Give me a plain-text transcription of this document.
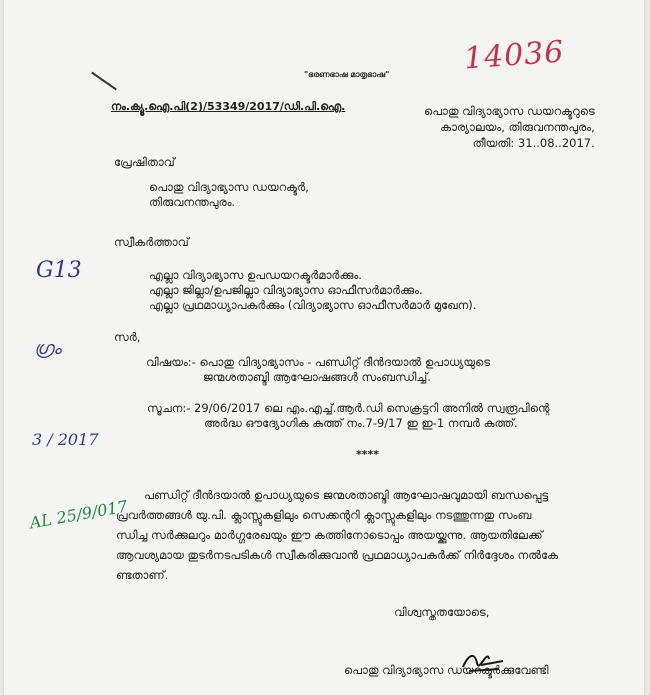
14036
"ഭരണഭാഷ മാതൃഭാഷ"
നം.ക്യൂ.ഐ.പി(2)/53349/2017/ഡി.പി.ഐ.	പൊതു വിദ്യാഭ്യാസ ഡയറക്ടറുടെ
കാര്യാലയം, തിരുവനന്തപുരം,
തീയതി: 31..08..2017.
പ്രേഷിതാവ്
പൊതു വിദ്യാഭ്യാസ ഡയറക്ടർ,
തിരുവനന്തപുരം.
സ്വീകർത്താവ്
എല്ലാ വിദ്യാഭ്യാസ ഉപഡയറക്ടർമാർക്കും.
എല്ലാ ജില്ലാ/ഉപജില്ലാ വിദ്യാഭ്യാസ ഓഫീസർമാർക്കും.
എല്ലാ പ്രഥമാധ്യാപകർക്കും (വിദ്യാഭ്യാസ ഓഫീസർമാർ മുഖേന).
സർ,
വിഷയം:- പൊതു വിദ്യാഭ്യാസം - പണ്ഡിറ്റ് ദീൻദയാൽ ഉപാധ്യയുടെ
ജന്മശതാബ്ദി ആഘോഷങ്ങൾ സംബന്ധിച്ച്.
സൂചന:- 29/06/2017 ലെ എം.എച്ച്.ആർ.ഡി സെക്രട്ടറി അനിൽ സ്വരൂപിന്റെ
അർദ്ധ ഔദ്യോഗിക കത്ത് നം.7-9/17 ഇ ഇ-1 നമ്പർ കത്ത്.
****
പണ്ഡിറ്റ് ദീൻദയാൽ ഉപാധ്യയുടെ ജന്മശതാബ്ദി ആഘോഷവുമായി ബന്ധപ്പെട്ട
പ്രവർത്തങ്ങൾ യു.പി. ക്ലാസ്സുകളിലും സെക്കന്ററി ക്ലാസ്സുകളിലും നടത്തുന്നതു സംബ
ന്ധിച്ച സർക്കുലറും മാർഗ്ഗരേഖയും ഈ കത്തിനോടൊപ്പം അയയ്ക്കുന്നു. ആയതിലേക്ക്
ആവശ്യമായ തുടർനടപടികൾ സ്വീകരിക്കുവാൻ പ്രഥമാധ്യാപകർക്ക് നിർദ്ദേശം നൽകേ
ണ്ടതാണ്.
വിശ്വസ്തതയോടെ,
പൊതു വിദ്യാഭ്യാസ ഡയറക്ടർക്കുവേണ്ടി
G13
ഗ്രം
3 / 2017
AL 25/9/017
